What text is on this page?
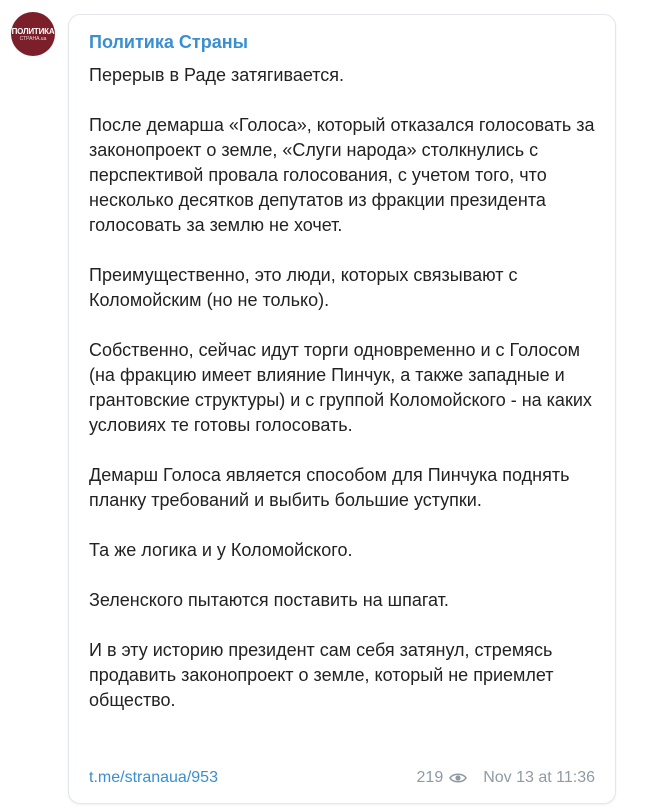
ПОЛИТИКА
СТРАНА.ua Политика Страны

Перерыв в Раде затягивается.

После демарша «Голоса», который отказался голосовать за законопроект о земле, «Слуги народа» столкнулись с перспективой провала голосования, с учетом того, что несколько десятков депутатов из фракции президента голосовать за землю не хочет.

Преимущественно, это люди, которых связывают с Коломойским (но не только).

Собственно, сейчас идут торги одновременно и с Голосом (на фракцию имеет влияние Пинчук, а также западные и грантовские структуры) и с группой Коломойского - на каких условиях те готовы голосовать.

Демарш Голоса является способом для Пинчука поднять планку требований и выбить большие уступки.

Та же логика и у Коломойского.

Зеленского пытаются поставить на шпагат.

И в эту историю президент сам себя затянул, стремясь продавить законопроект о земле, который не приемлет общество.

t.me/stranaua/953	219	Nov 13 at 11:36
